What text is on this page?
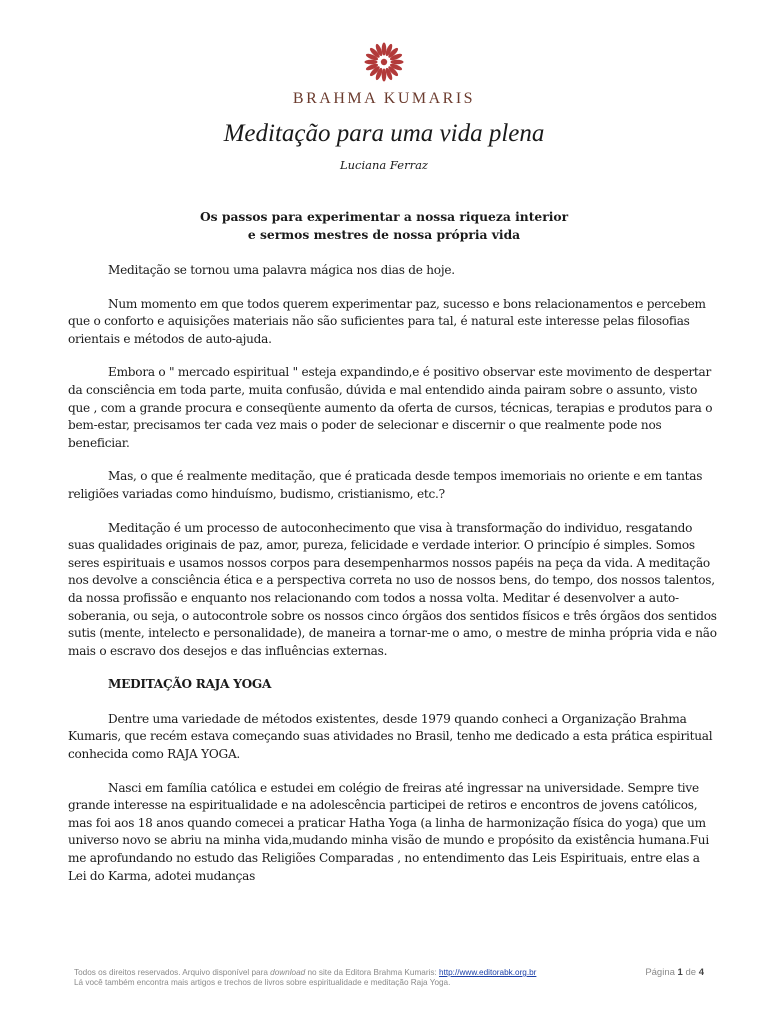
BRAHMA KUMARIS
Meditação para uma vida plena
Luciana Ferraz
Os passos para experimentar a nossa riqueza interior
e sermos mestres de nossa própria vida

Meditação se tornou uma palavra mágica nos dias de hoje.

Num momento em que todos querem experimentar paz, sucesso e bons relacionamentos e percebem que o conforto e aquisições materiais não são suficientes para tal, é natural este interesse pelas filosofias orientais e métodos de auto-ajuda.

Embora o " mercado espiritual " esteja expandindo,e é positivo observar este movimento de despertar da consciência em toda parte, muita confusão, dúvida e mal entendido ainda pairam sobre o assunto, visto que , com a grande procura e conseqüente aumento da oferta de cursos, técnicas, terapias e produtos para o bem-estar, precisamos ter cada vez mais o poder de selecionar e discernir o que realmente pode nos beneficiar.

Mas, o que é realmente meditação, que é praticada desde tempos imemoriais no oriente e em tantas religiões variadas como hinduísmo, budismo, cristianismo, etc.?

Meditação é um processo de autoconhecimento que visa à transformação do individuo, resgatando suas qualidades originais de paz, amor, pureza, felicidade e verdade interior. O princípio é simples. Somos seres espirituais e usamos nossos corpos para desempenharmos nossos papéis na peça da vida. A meditação nos devolve a consciência ética e a perspectiva correta no uso de nossos bens, do tempo, dos nossos talentos, da nossa profissão e enquanto nos relacionando com todos a nossa volta. Meditar é desenvolver a auto- soberania, ou seja, o autocontrole sobre os nossos cinco órgãos dos sentidos físicos e três órgãos dos sentidos sutis (mente, intelecto e personalidade), de maneira a tornar-me o amo, o mestre de minha própria vida e não mais o escravo dos desejos e das influências externas.

MEDITAÇÃO RAJA YOGA

Dentre uma variedade de métodos existentes, desde 1979 quando conheci a Organização Brahma Kumaris, que recém estava começando suas atividades no Brasil, tenho me dedicado a esta prática espiritual conhecida como RAJA YOGA.

Nasci em família católica e estudei em colégio de freiras até ingressar na universidade. Sempre tive grande interesse na espiritualidade e na adolescência participei de retiros e encontros de jovens católicos, mas foi aos 18 anos quando comecei a praticar Hatha Yoga (a linha de harmonização física do yoga) que um universo novo se abriu na minha vida,mudando minha visão de mundo e propósito da existência humana.Fui me aprofundando no estudo das Religiões Comparadas , no entendimento das Leis Espirituais, entre elas a Lei do Karma, adotei mudanças

Todos os direitos reservados. Arquivo disponível para download no site da Editora Brahma Kumaris: http://www.editorabk.org.br
Lá você também encontra mais artigos e trechos de livros sobre espiritualidade e meditação Raja Yoga.
Página 1 de 4
